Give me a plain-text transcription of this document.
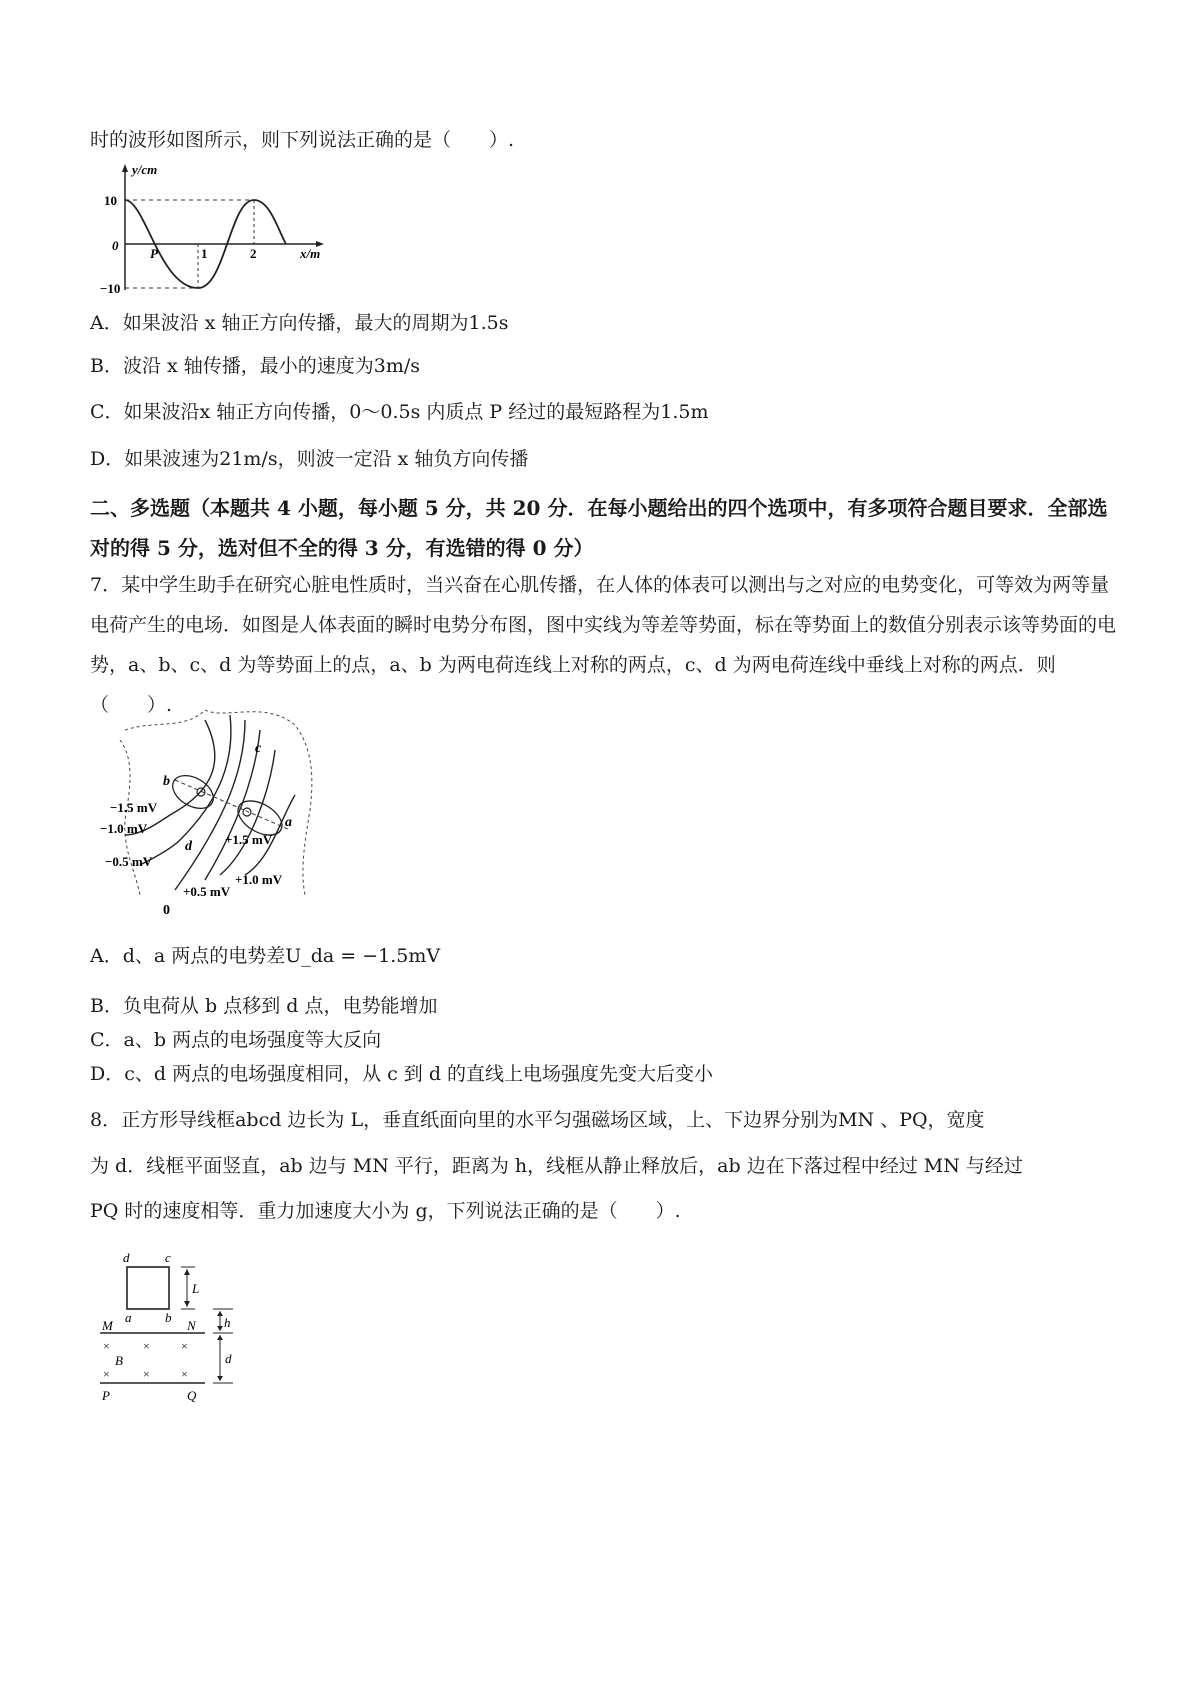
时的波形如图所示，则下列说法正确的是（　　）.
y/cm
x/m
10
0
−10
1	2
P
A．如果波沿 x 轴正方向传播，最大的周期为1.5s
B．波沿 x 轴传播，最小的速度为3m/s
C．如果波沿x 轴正方向传播，0～0.5s 内质点 P 经过的最短路程为1.5m
D．如果波速为21m/s，则波一定沿 x 轴负方向传播
二、多选题（本题共 4 小题，每小题 5 分，共 20 分．在每小题给出的四个选项中，有多项符合题目要求．全部选对的得 5 分，选对但不全的得 3 分，有选错的得 0 分）
7．某中学生助手在研究心脏电性质时，当兴奋在心肌传播，在人体的体表可以测出与之对应的电势变化，可等效为两等量电荷产生的电场．如图是人体表面的瞬时电势分布图，图中实线为等差等势面，标在等势面上的数值分别表示该等势面的电势，a、b、c、d 为等势面上的点，a、b 为两电荷连线上对称的两点，c、d 为两电荷连线中垂线上对称的两点．则（　　）.
−1.5 mV
−1.0 mV
−0.5 mV
+1.5 mV
+1.0 mV
+0.5 mV
0
a
b
c
d
A．d、a 两点的电势差U_da = −1.5mV
B．负电荷从 b 点移到 d 点，电势能增加
C．a、b 两点的电场强度等大反向
D．c、d 两点的电场强度相同，从 c 到 d 的直线上电场强度先变大后变小
8．正方形导线框abcd 边长为 L，垂直纸面向里的水平匀强磁场区域，上、下边界分别为MN 、PQ，宽度
为 d．线框平面竖直，ab 边与 MN 平行，距离为 h，线框从静止释放后，ab 边在下落过程中经过 MN 与经过
PQ 时的速度相等．重力加速度大小为 g，下列说法正确的是（　　）.
d	c
a	b
L
M	N h
×	×	×
B
×	×	×
P	Q
d
